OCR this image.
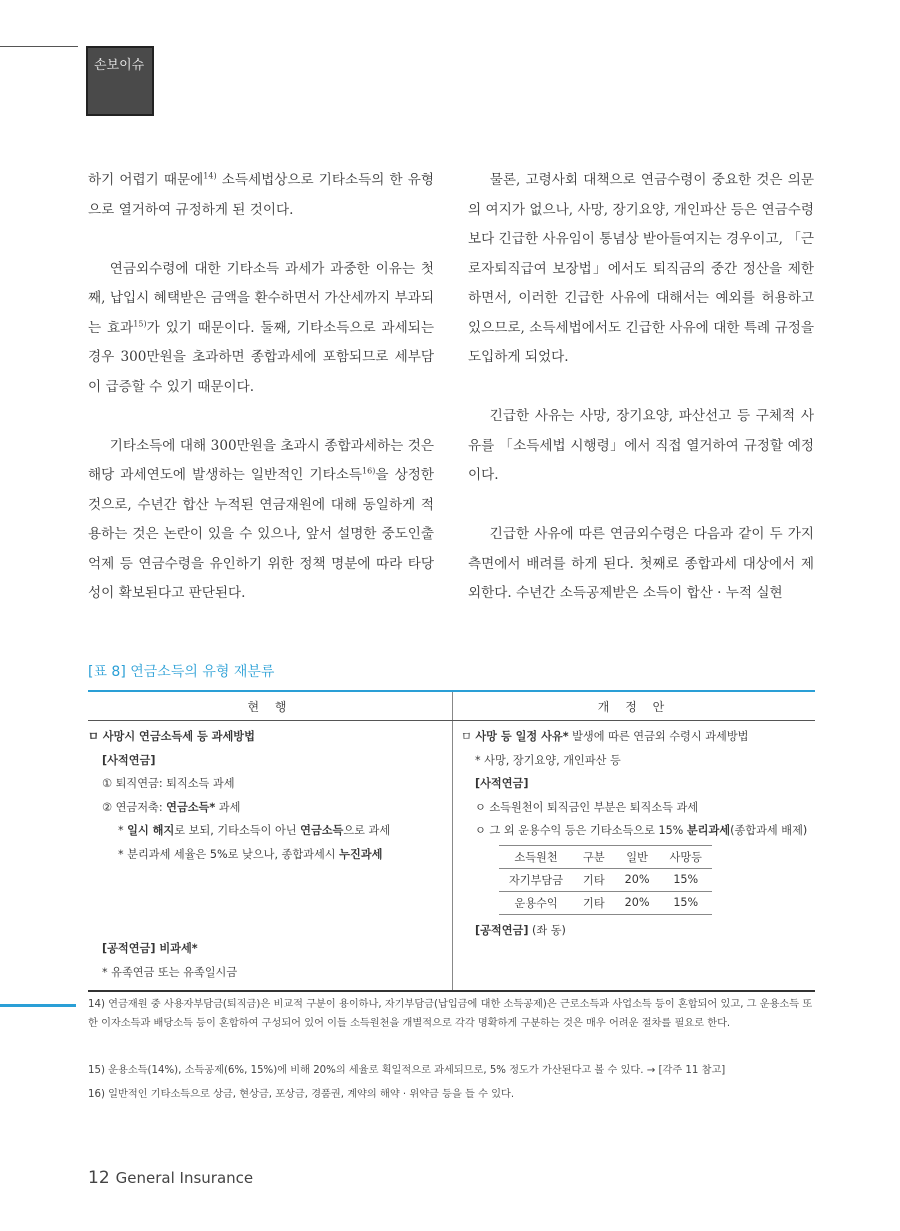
손보이슈

하기 어렵기 때문에$^{14)}$ 소득세법상으로 기타소득의 한 유형으로 열거하여 규정하게 된 것이다.

연금외수령에 대한 기타소득 과세가 과중한 이유는 첫째, 납입시 혜택받은 금액을 환수하면서 가산세까지 부과되는 효과$^{15)}$가 있기 때문이다. 둘째, 기타소득으로 과세되는 경우 300만원을 초과하면 종합과세에 포함되므로 세부담이 급증할 수 있기 때문이다.

기타소득에 대해 300만원을 초과시 종합과세하는 것은 해당 과세연도에 발생하는 일반적인 기타소득$^{16)}$을 상정한 것으로, 수년간 합산 누적된 연금재원에 대해 동일하게 적용하는 것은 논란이 있을 수 있으나, 앞서 설명한 중도인출 억제 등 연금수령을 유인하기 위한 정책 명분에 따라 타당성이 확보된다고 판단된다.

물론, 고령사회 대책으로 연금수령이 중요한 것은 의문의 여지가 없으나, 사망, 장기요양, 개인파산 등은 연금수령보다 긴급한 사유임이 통념상 받아들여지는 경우이고, 「근로자퇴직급여 보장법」에서도 퇴직금의 중간 정산을 제한하면서, 이러한 긴급한 사유에 대해서는 예외를 허용하고 있으므로, 소득세법에서도 긴급한 사유에 대한 특례 규정을 도입하게 되었다.

긴급한 사유는 사망, 장기요양, 파산선고 등 구체적 사유를 「소득세법 시행령」에서 직접 열거하여 규정할 예정이다.

긴급한 사유에 따른 연금외수령은 다음과 같이 두 가지 측면에서 배려를 하게 된다. 첫째로 종합과세 대상에서 제외한다. 수년간 소득공제받은 소득이 합산 · 누적 실현

[표 8] 연금소득의 유형 재분류
현 행	개 정 안

ㅁ 사망시 연금소득세 등 과세방법
[사적연금]
① 퇴직연금: 퇴직소득 과세
② 연금저축: 연금소득* 과세
* 일시 해지로 보되, 기타소득이 아닌 연금소득으로 과세
* 분리과세 세율은 5%로 낮으나, 종합과세시 누진과세
[공적연금] 비과세*
* 유족연금 또는 유족일시금

ㅁ 사망 등 일정 사유* 발생에 따른 연금외 수령시 과세방법
* 사망, 장기요양, 개인파산 등
[사적연금]
ㅇ 소득원천이 퇴직금인 부분은 퇴직소득 과세
ㅇ 그 외 운용수익 등은 기타소득으로 15% 분리과세(종합과세 배제)
소득원천	구분	일반	사망등
자기부담금	기타	20%	15%
운용수익	기타	20%	15%
[공적연금] (좌 동)
14) 연금재원 중 사용자부담금(퇴직금)은 비교적 구분이 용이하나, 자기부담금(납입금에 대한 소득공제)은 근로소득과 사업소득 등이 혼합되어 있고, 그 운용소득 또한 이자소득과 배당소득 등이 혼합하여 구성되어 있어 이들 소득원천을 개별적으로 각각 명확하게 구분하는 것은 매우 어려운 절차를 필요로 한다.
15) 운용소득(14%), 소득공제(6%, 15%)에 비해 20%의 세율로 획일적으로 과세되므로, 5% 정도가 가산된다고 볼 수 있다. → [각주 11 참고]
16) 일반적인 기타소득으로 상금, 현상금, 포상금, 경품권, 계약의 해약 · 위약금 등을 들 수 있다.
12 General Insurance
